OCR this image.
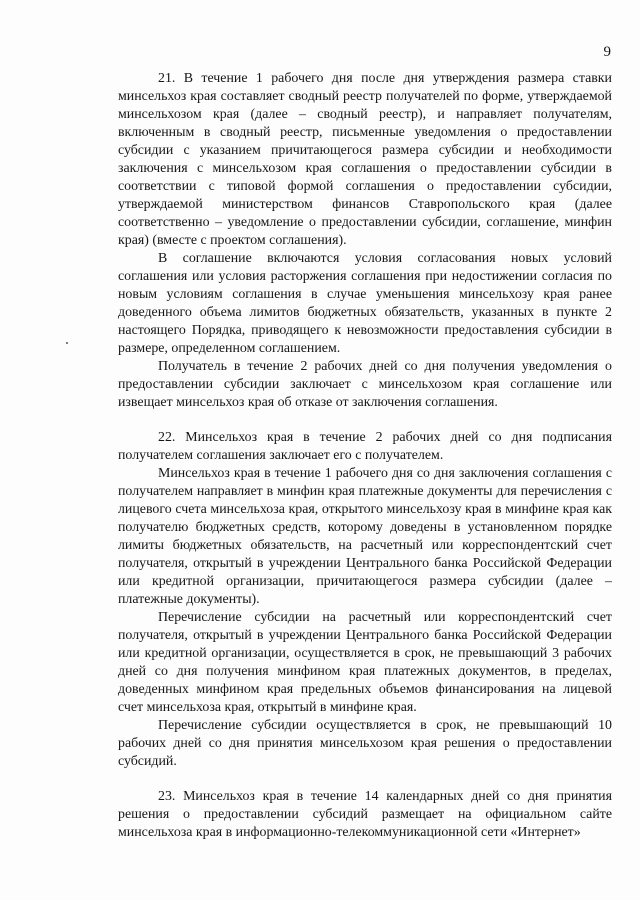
9

21. В течение 1 рабочего дня после дня утверждения размера ставки минсельхоз края составляет сводный реестр получателей по форме, утверждаемой минсельхозом края (далее – сводный реестр), и направляет получателям, включенным в сводный реестр, письменные уведомления о предоставлении субсидии с указанием причитающегося размера субсидии и необходимости заключения с минсельхозом края соглашения о предоставлении субсидии в соответствии с типовой формой соглашения о предоставлении субсидии, утверждаемой министерством финансов Ставропольского края (далее соответственно – уведомление о предоставлении субсидии, соглашение, минфин края) (вместе с проектом соглашения).

В соглашение включаются условия согласования новых условий соглашения или условия расторжения соглашения при недостижении согласия по новым условиям соглашения в случае уменьшения минсельхозу края ранее доведенного объема лимитов бюджетных обязательств, указанных в пункте 2 настоящего Порядка, приводящего к невозможности предоставления субсидии в размере, определенном соглашением.

Получатель в течение 2 рабочих дней со дня получения уведомления о предоставлении субсидии заключает с минсельхозом края соглашение или извещает минсельхоз края об отказе от заключения соглашения.

22. Минсельхоз края в течение 2 рабочих дней со дня подписания получателем соглашения заключает его с получателем.

Минсельхоз края в течение 1 рабочего дня со дня заключения соглашения с получателем направляет в минфин края платежные документы для перечисления с лицевого счета минсельхоза края, открытого минсельхозу края в минфине края как получателю бюджетных средств, которому доведены в установленном порядке лимиты бюджетных обязательств, на расчетный или корреспондентский счет получателя, открытый в учреждении Центрального банка Российской Федерации или кредитной организации, причитающегося размера субсидии (далее – платежные документы).

Перечисление субсидии на расчетный или корреспондентский счет получателя, открытый в учреждении Центрального банка Российской Федерации или кредитной организации, осуществляется в срок, не превышающий 3 рабочих дней со дня получения минфином края платежных документов, в пределах, доведенных минфином края предельных объемов финансирования на лицевой счет минсельхоза края, открытый в минфине края.

Перечисление субсидии осуществляется в срок, не превышающий 10 рабочих дней со дня принятия минсельхозом края решения о предоставлении субсидий.

23. Минсельхоз края в течение 14 календарных дней со дня принятия решения о предоставлении субсидий размещает на официальном сайте минсельхоза края в информационно-телекоммуникационной сети «Интернет»
